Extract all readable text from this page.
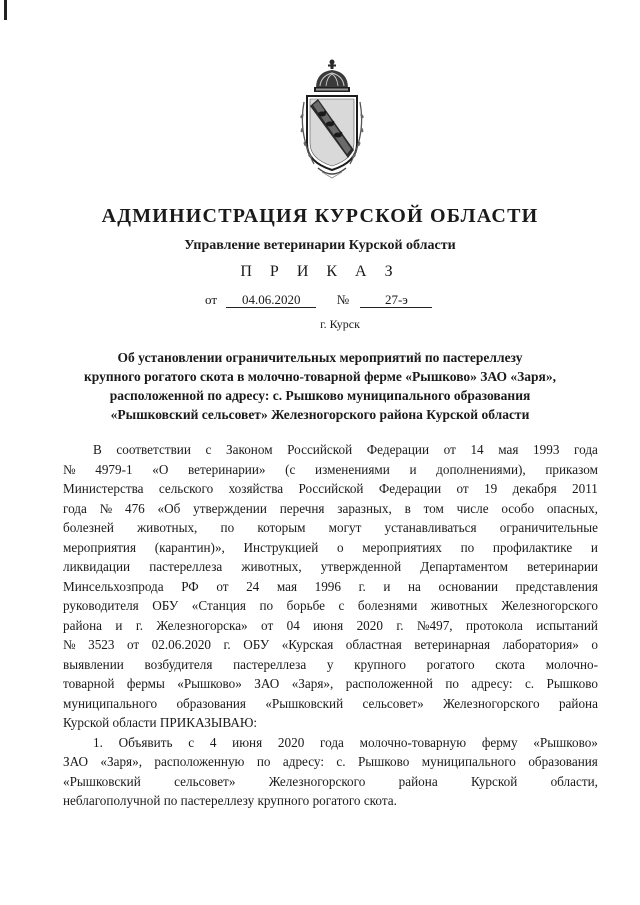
АДМИНИСТРАЦИЯ КУРСКОЙ ОБЛАСТИ
Управление ветеринарии Курской области
П Р И К А З
от 04.06.2020	№	27-э
г. Курск
Об установлении ограничительных мероприятий по пастереллезу
крупного рогатого скота в молочно-товарной ферме «Рышково» ЗАО «Заря»,
расположенной по адресу: с. Рышково муниципального образования
«Рышковский сельсовет» Железногорского района Курской области
В соответствии с Законом Российской Федерации от 14 мая 1993 года
№ 4979-1 «О ветеринарии» (с изменениями и дополнениями), приказом
Министерства сельского хозяйства Российской Федерации от 19 декабря 2011
года № 476 «Об утверждении перечня заразных, в том числе особо опасных,
болезней животных, по которым могут устанавливаться ограничительные
мероприятия (карантин)», Инструкцией о мероприятиях по профилактике и
ликвидации пастереллеза животных, утвержденной Департаментом ветеринарии
Минсельхозпрода РФ от 24 мая 1996 г. и на основании представления
руководителя ОБУ «Станция по борьбе с болезнями животных Железногорского
района и г. Железногорска» от 04 июня 2020 г. №497, протокола испытаний
№ 3523 от 02.06.2020 г. ОБУ «Курская областная ветеринарная лаборатория» о
выявлении возбудителя пастереллеза у крупного рогатого скота молочно-
товарной фермы «Рышково» ЗАО «Заря», расположенной по адресу: с. Рышково
муниципального образования «Рышковский сельсовет» Железногорского района
Курской области ПРИКАЗЫВАЮ:
1. Объявить с 4 июня 2020 года молочно-товарную ферму «Рышково»
ЗАО «Заря», расположенную по адресу: с. Рышково муниципального образования
«Рышковский	сельсовет»	Железногорского	района	Курской	области,
неблагополучной по пастереллезу крупного рогатого скота.
